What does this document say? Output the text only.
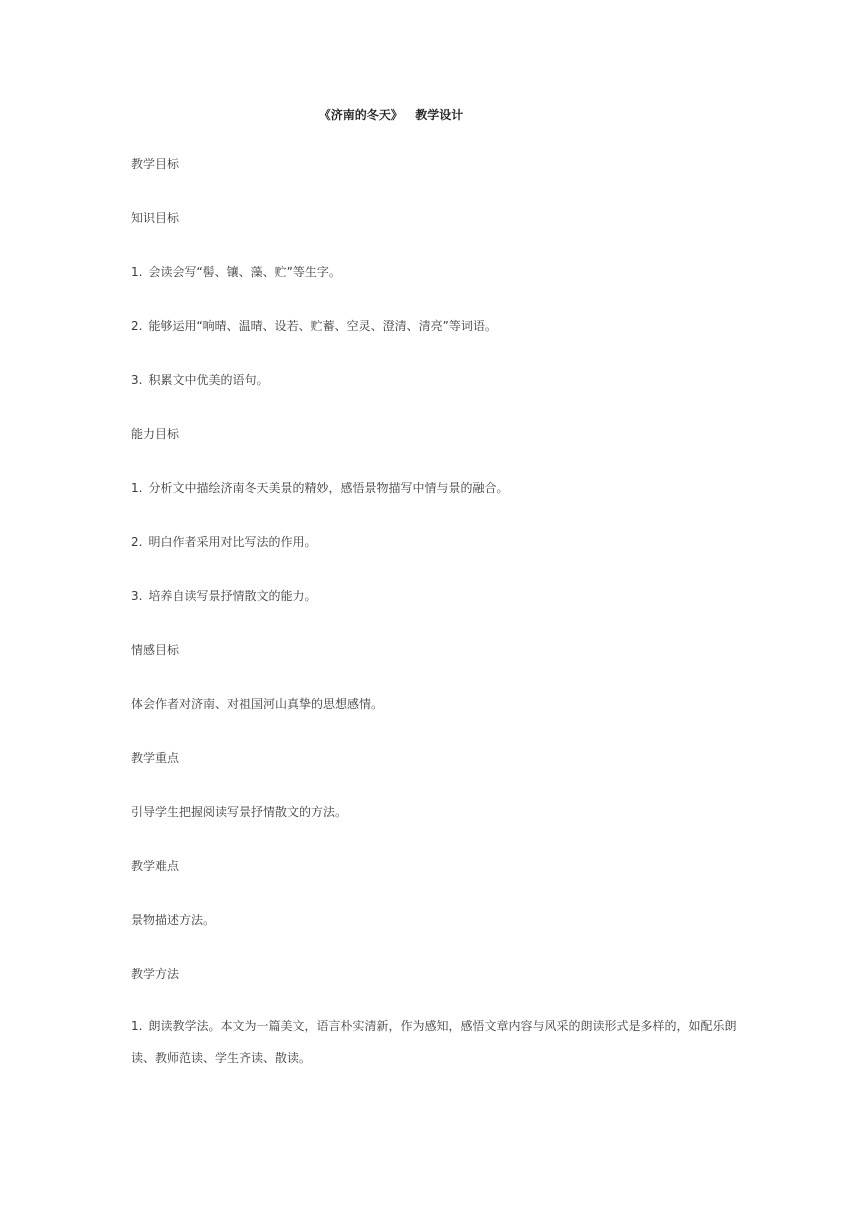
《济南的冬天》   教学设计
教学目标
知识目标
1. 会读会写“髻、镶、藻、贮”等生字。
2. 能够运用“响晴、温晴、设若、贮蓄、空灵、澄清、清亮”等词语。
3. 积累文中优美的语句。
能力目标
1. 分析文中描绘济南冬天美景的精妙，感悟景物描写中情与景的融合。
2. 明白作者采用对比写法的作用。
3. 培养自读写景抒情散文的能力。
情感目标
体会作者对济南、对祖国河山真挚的思想感情。
教学重点
引导学生把握阅读写景抒情散文的方法。
教学难点
景物描述方法。
教学方法
1. 朗读教学法。本文为一篇美文，语言朴实清新，作为感知，感悟文章内容与风采的朗读形式是多样的，如配乐朗读、教师范读、学生齐读、散读。
